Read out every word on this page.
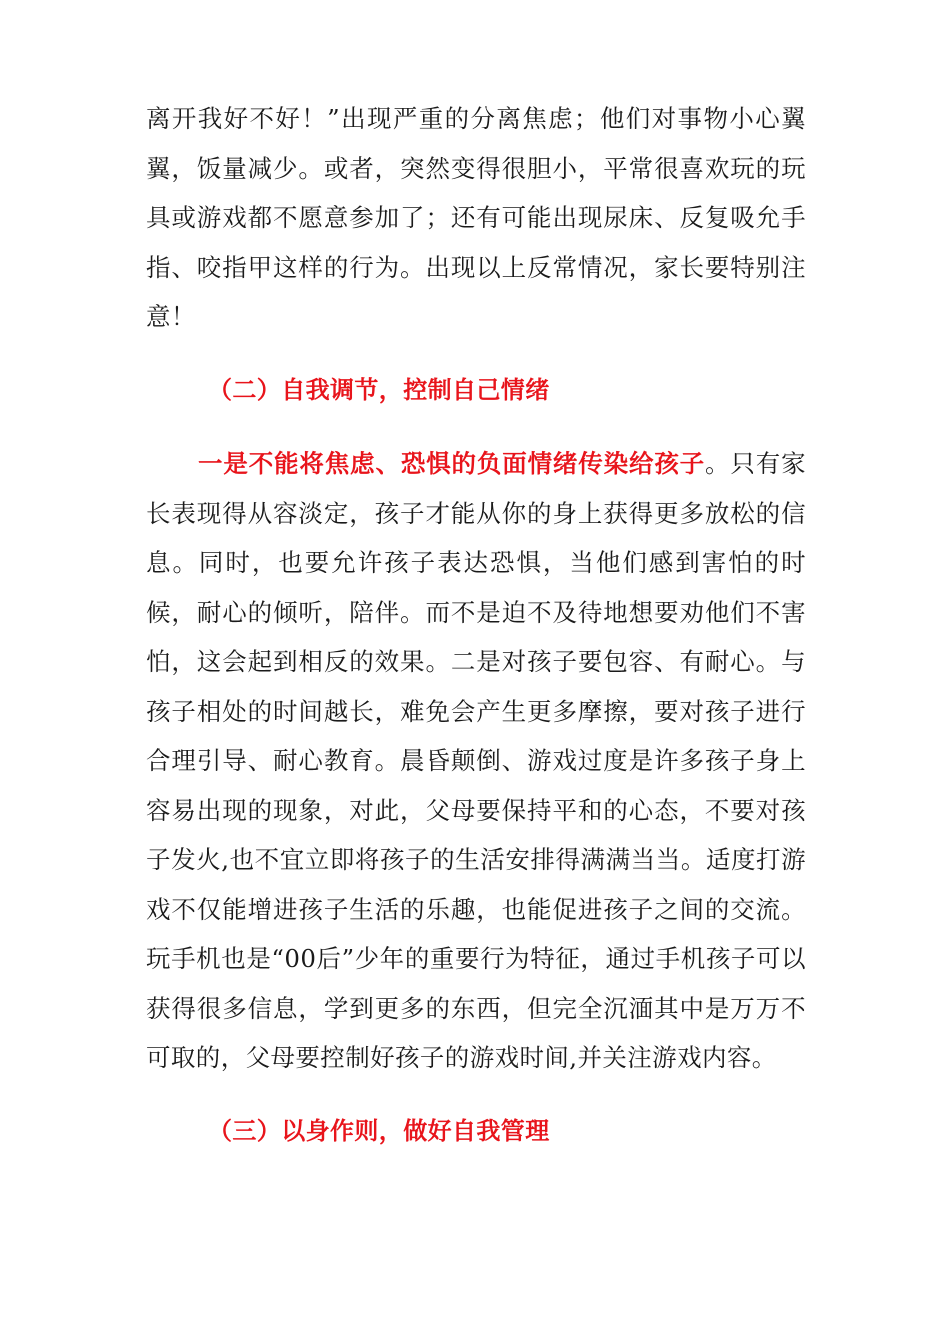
离开我好不好！”出现严重的分离焦虑；他们对事物小心翼翼，饭量减少。或者，突然变得很胆小，平常很喜欢玩的玩具或游戏都不愿意参加了；还有可能出现尿床、反复吸允手指、咬指甲这样的行为。出现以上反常情况，家长要特别注意！

（二）自我调节，控制自己情绪

一是不能将焦虑、恐惧的负面情绪传染给孩子。只有家长表现得从容淡定，孩子才能从你的身上获得更多放松的信息。同时，也要允许孩子表达恐惧，当他们感到害怕的时候，耐心的倾听，陪伴。而不是迫不及待地想要劝他们不害怕，这会起到相反的效果。二是对孩子要包容、有耐心。与孩子相处的时间越长，难免会产生更多摩擦，要对孩子进行合理引导、耐心教育。晨昏颠倒、游戏过度是许多孩子身上容易出现的现象，对此，父母要保持平和的心态，不要对孩子发火,也不宜立即将孩子的生活安排得满满当当。适度打游戏不仅能增进孩子生活的乐趣，也能促进孩子之间的交流。玩手机也是“00后”少年的重要行为特征，通过手机孩子可以获得很多信息，学到更多的东西，但完全沉湎其中是万万不可取的，父母要控制好孩子的游戏时间,并关注游戏内容。

（三）以身作则，做好自我管理
